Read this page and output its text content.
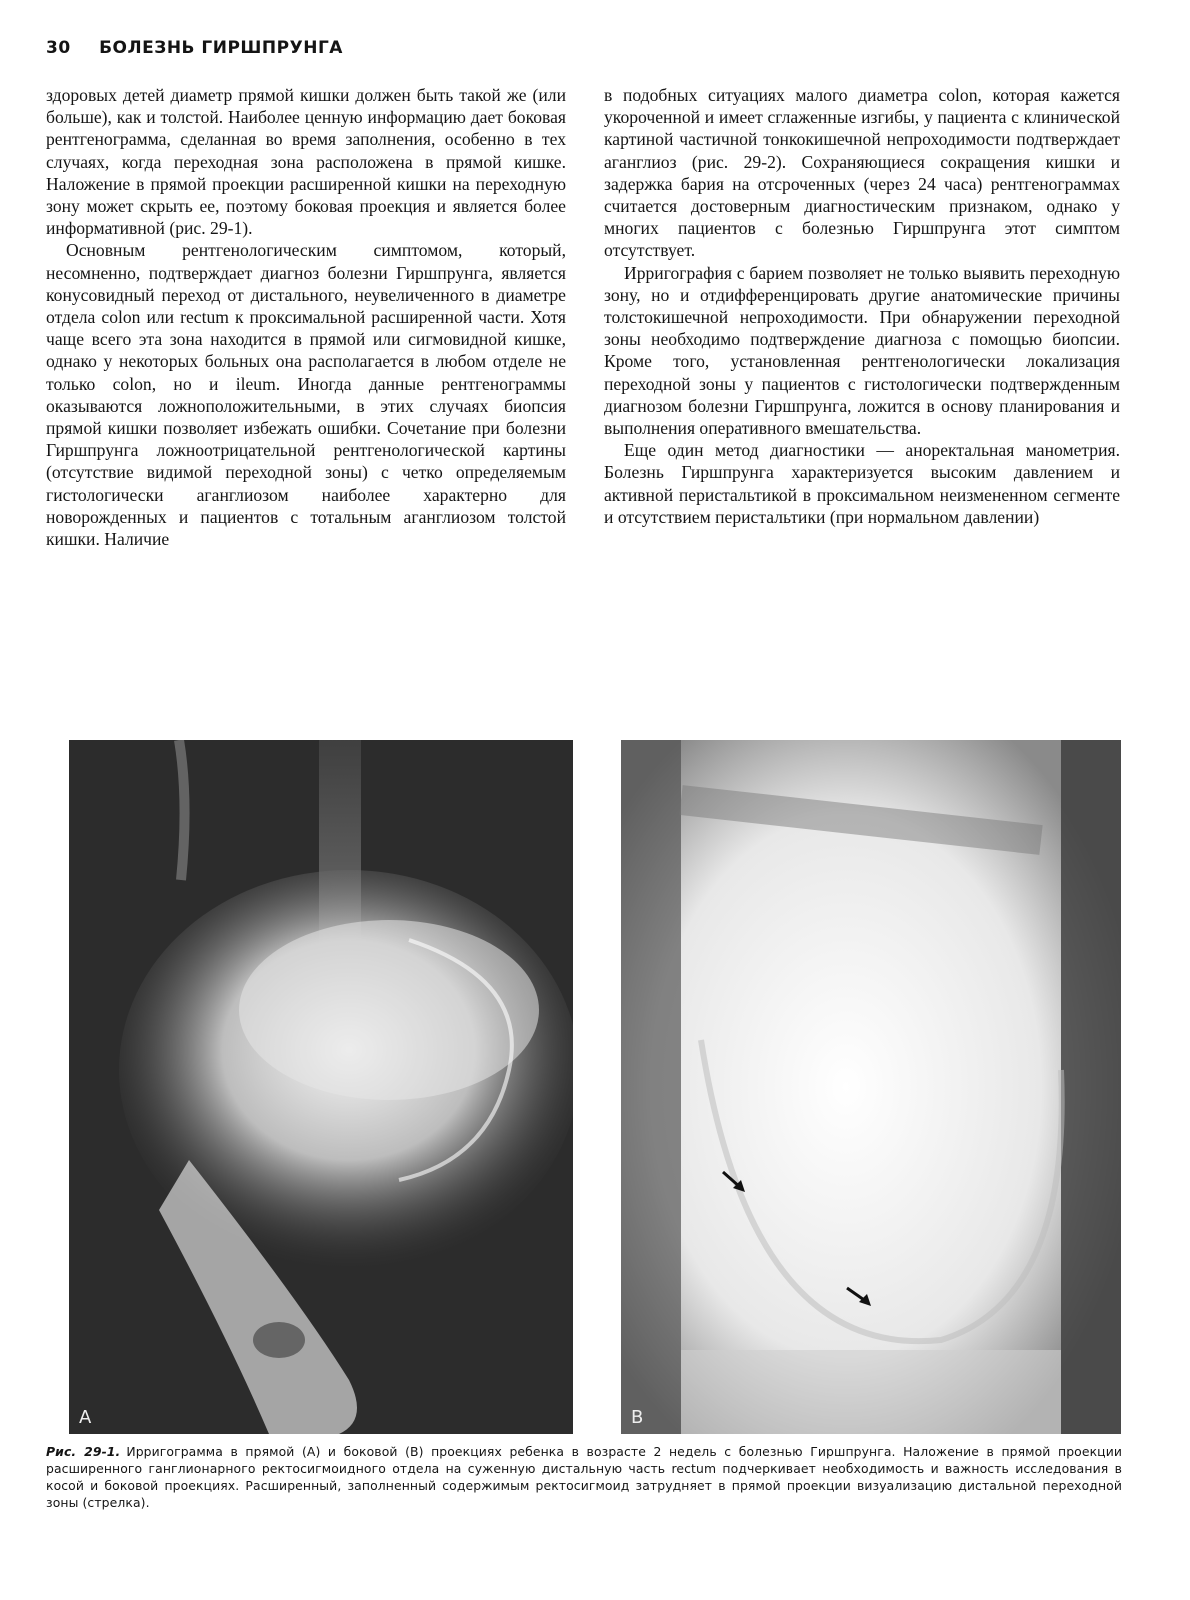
30 БОЛЕЗНЬ ГИРШПРУНГА

здоровых детей диаметр прямой кишки должен быть такой же (или больше), как и толстой. Наиболее ценную информацию дает боковая рентгенограмма, сделанная во время заполнения, особенно в тех случаях, когда переходная зона расположена в прямой кишке. Наложение в прямой проекции расширенной кишки на переходную зону может скрыть ее, поэтому боковая проекция и является более информативной (рис. 29-1).

Основным рентгенологическим симптомом, который, несомненно, подтверждает диагноз болезни Гиршпрунга, является конусовидный переход от дистального, неувеличенного в диаметре отдела colon или rectum к проксимальной расширенной части. Хотя чаще всего эта зона находится в прямой или сигмовидной кишке, однако у некоторых больных она располагается в любом отделе не только colon, но и ileum. Иногда данные рентгенограммы оказываются ложноположительными, в этих случаях биопсия прямой кишки позволяет избежать ошибки. Сочетание при болезни Гиршпрунга ложноотрицательной рентгенологической картины (отсутствие видимой переходной зоны) с четко определяемым гистологически аганглиозом наиболее характерно для новорожденных и пациентов с тотальным аганглиозом толстой кишки. Наличие

в подобных ситуациях малого диаметра colon, которая кажется укороченной и имеет сглаженные изгибы, у пациента с клинической картиной частичной тонкокишечной непроходимости подтверждает аганглиоз (рис. 29-2). Сохраняющиеся сокращения кишки и задержка бария на отсроченных (через 24 часа) рентгенограммах считается достоверным диагностическим признаком, однако у многих пациентов с болезнью Гиршпрунга этот симптом отсутствует.

Ирригография с барием позволяет не только выявить переходную зону, но и отдифференцировать другие анатомические причины толстокишечной непроходимости. При обнаружении переходной зоны необходимо подтверждение диагноза с помощью биопсии. Кроме того, установленная рентгенологически локализация переходной зоны у пациентов с гистологически подтвержденным диагнозом болезни Гиршпрунга, ложится в основу планирования и выполнения оперативного вмешательства.

Еще один метод диагностики — аноректальная манометрия. Болезнь Гиршпрунга характеризуется высоким давлением и активной перистальтикой в проксимальном неизмененном сегменте и отсутствием перистальтики (при нормальном давлении)

A	B
Рис. 29-1. Ирригограмма в прямой (А) и боковой (В) проекциях ребенка в возрасте 2 недель с болезнью Гиршпрунга. Наложение в прямой проекции расширенного ганглионарного ректосигмоидного отдела на суженную дистальную часть rectum подчеркивает необходимость и важность исследования в косой и боковой проекциях. Расширенный, заполненный содержимым ректосигмоид затрудняет в прямой проекции визуализацию дистальной переходной зоны (стрелка).
